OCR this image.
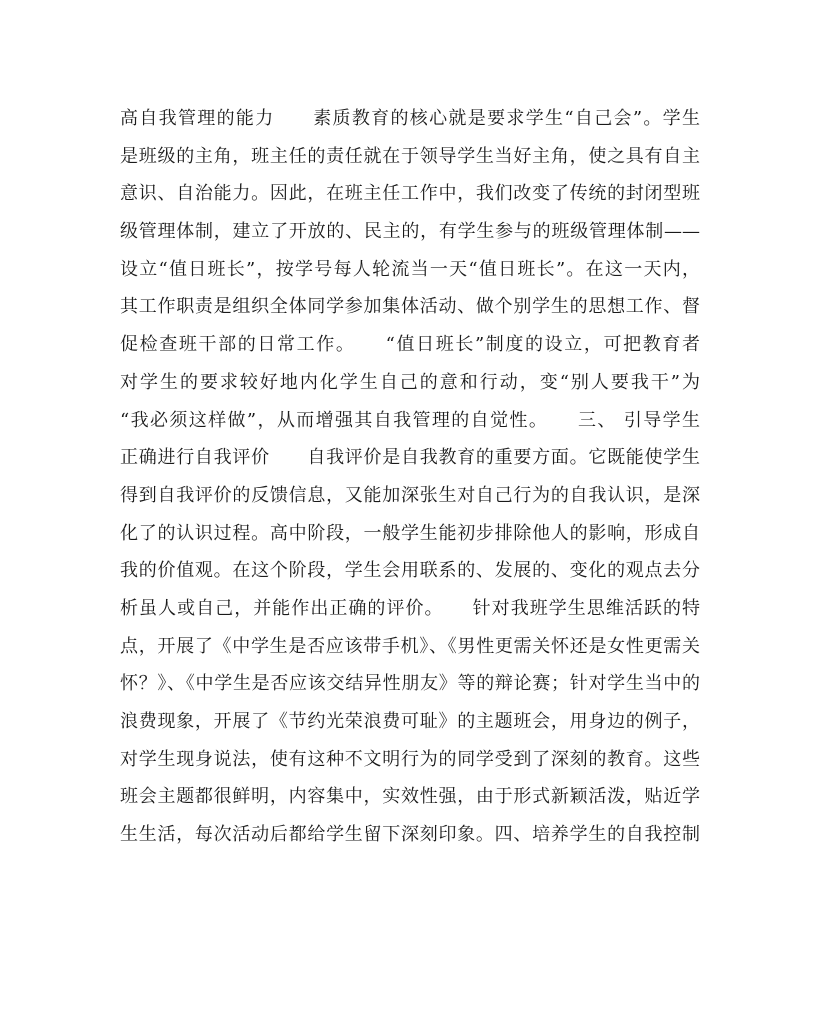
高自我管理的能力　　素质教育的核心就是要求学生“自己会”。学生
是班级的主角，班主任的责任就在于领导学生当好主角，使之具有自主
意识、自治能力。因此，在班主任工作中，我们改变了传统的封闭型班
级管理体制，建立了开放的、民主的，有学生参与的班级管理体制——
设立“值日班长”，按学号每人轮流当一天“值日班长”。在这一天内，
其工作职责是组织全体同学参加集体活动、做个别学生的思想工作、督
促检查班干部的日常工作。　　“值日班长”制度的设立，可把教育者
对学生的要求较好地内化学生自己的意和行动，变“别人要我干”为
“我必须这样做”，从而增强其自我管理的自觉性。　　三、 引导学生
正确进行自我评价　　自我评价是自我教育的重要方面。它既能使学生
得到自我评价的反馈信息，又能加深张生对自己行为的自我认识，是深
化了的认识过程。高中阶段，一般学生能初步排除他人的影响，形成自
我的价值观。在这个阶段，学生会用联系的、发展的、变化的观点去分
析虽人或自己，并能作出正确的评价。　　针对我班学生思维活跃的特
点，开展了《中学生是否应该带手机》、《男性更需关怀还是女性更需关
怀？》、《中学生是否应该交结异性朋友》等的辩论赛；针对学生当中的
浪费现象，开展了《节约光荣浪费可耻》的主题班会，用身边的例子，
对学生现身说法，使有这种不文明行为的同学受到了深刻的教育。这些
班会主题都很鲜明，内容集中，实效性强，由于形式新颖活泼，贴近学
生生活，每次活动后都给学生留下深刻印象。四、培养学生的自我控制
